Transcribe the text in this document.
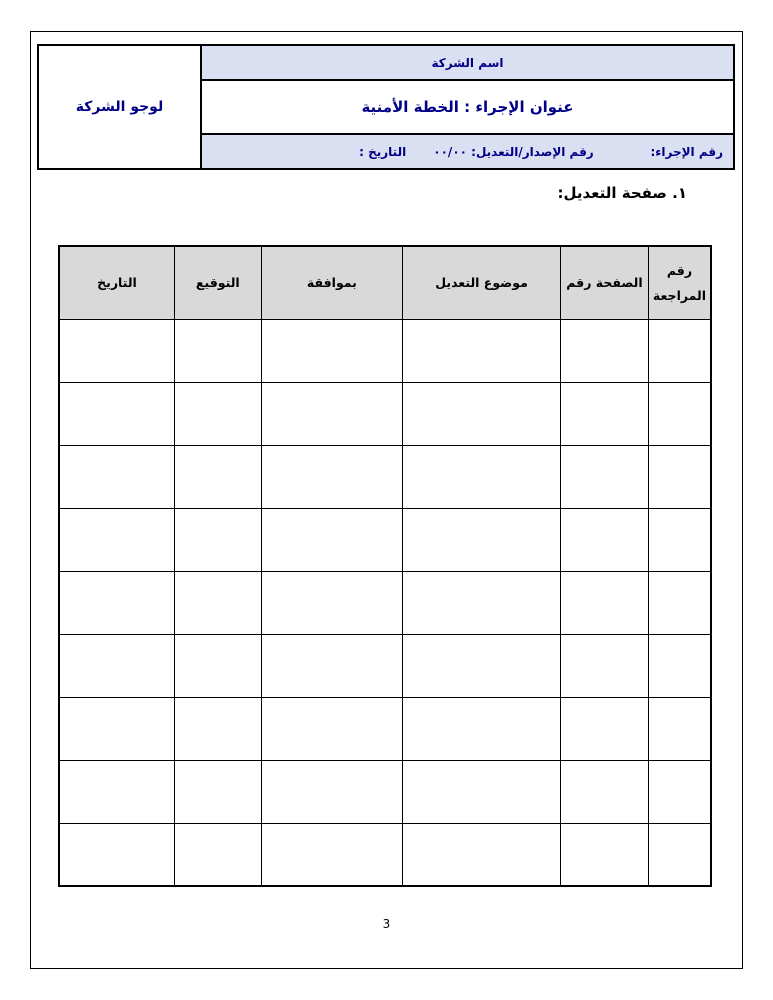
لوجو الشركة
اسم الشركة
عنوان الإجراء : الخطة الأمنية
رقم الإجراء:
رقم الإصدار/التعديل: ٠٠/٠٠
التاريخ :
١. صفحة التعديل:
رقم المراجعة	الصفحة رقم	موضوع التعديل	بموافقة	التوقيع	التاريخ

3
